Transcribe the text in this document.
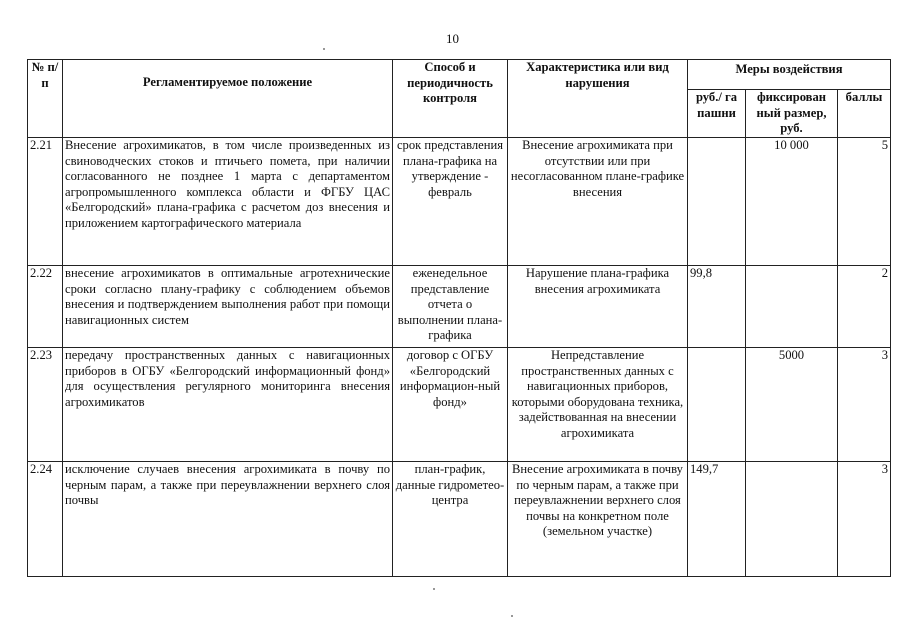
10
№ п/п	Регламентируемое положение	Способ и периодичность контроля	Характеристика или вид нарушения	Меры воздействия		
				руб./ га пашни	фиксирован ный размер, руб.	баллы
2.21	Внесение агрохимикатов, в том числе произведенных из свиноводческих стоков и птичьего помета, при наличии согласованного не позднее 1 марта с департаментом агропромышленного комплекса области и ФГБУ ЦАС «Белгородский» плана-графика с расчетом доз внесения и приложением картографического материала	срок представления плана-графика на утверждение - февраль	Внесение агрохимиката при отсутствии или при несогласованном плане-графике внесения		10 000	5
2.22	внесение агрохимикатов в оптимальные агротехнические сроки согласно плану-графику с соблюдением объемов внесения и подтверждением выполнения работ при помощи навигационных систем	еженедельное представление отчета о выполнении плана-графика	Нарушение плана-графика внесения агрохимиката	99,8		2
2.23	передачу пространственных данных с навигационных приборов в ОГБУ «Белгородский информационный фонд» для осуществления регулярного мониторинга внесения агрохимикатов	договор с ОГБУ «Белгородский информацион-ный фонд»	Непредставление пространственных данных с навигационных приборов, которыми оборудована техника, задействованная на внесении агрохимиката		5000	3
2.24	исключение случаев внесения агрохимиката в почву по черным парам, а также при переувлажнении верхнего слоя почвы	план-график, данные гидрометео-центра	Внесение агрохимиката в почву по черным парам, а также при переувлажнении верхнего слоя почвы на конкретном поле (земельном участке)	149,7		3
